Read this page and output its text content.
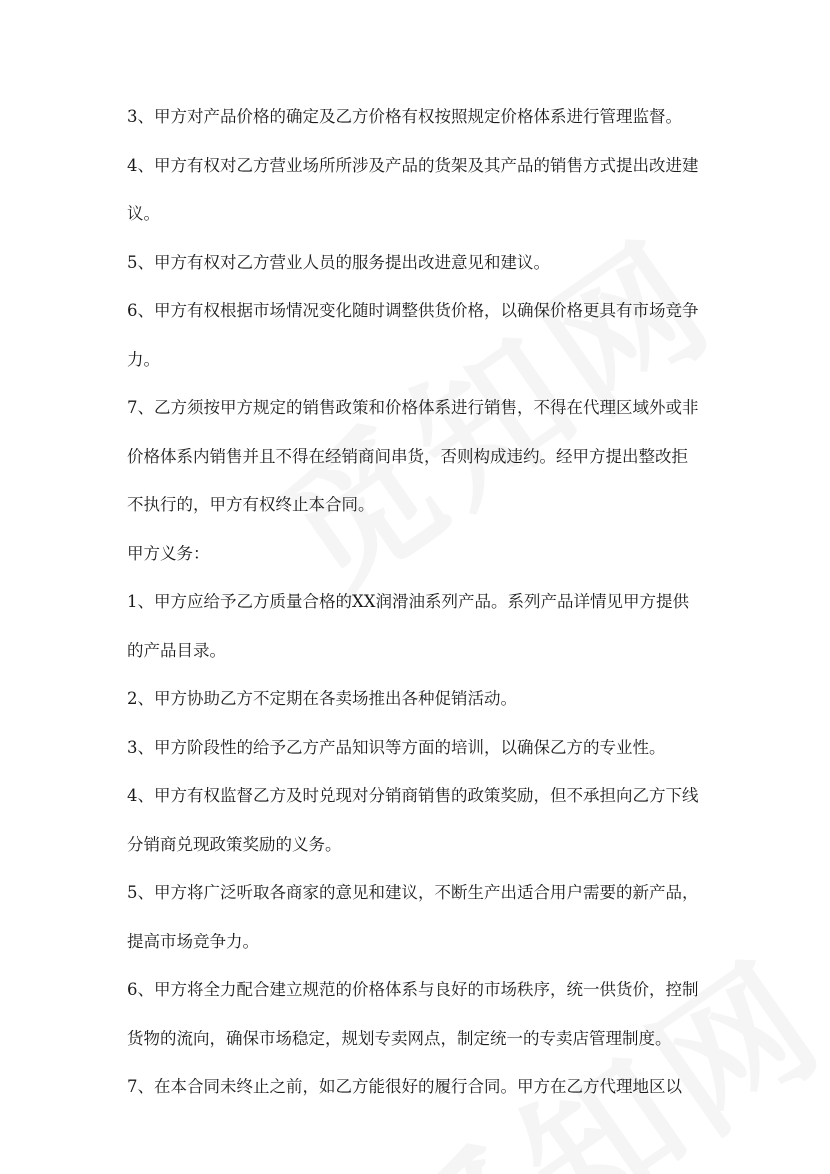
3、甲方对产品价格的确定及乙方价格有权按照规定价格体系进行管理监督。
4、甲方有权对乙方营业场所所涉及产品的货架及其产品的销售方式提出改进建
议。
5、甲方有权对乙方营业人员的服务提出改进意见和建议。
6、甲方有权根据市场情况变化随时调整供货价格，以确保价格更具有市场竞争
力。
7、乙方须按甲方规定的销售政策和价格体系进行销售，不得在代理区域外或非
价格体系内销售并且不得在经销商间串货，否则构成违约。经甲方提出整改拒
不执行的，甲方有权终止本合同。
甲方义务：
1、甲方应给予乙方质量合格的XX润滑油系列产品。系列产品详情见甲方提供
的产品目录。
2、甲方协助乙方不定期在各卖场推出各种促销活动。
3、甲方阶段性的给予乙方产品知识等方面的培训，以确保乙方的专业性。
4、甲方有权监督乙方及时兑现对分销商销售的政策奖励，但不承担向乙方下线
分销商兑现政策奖励的义务。
5、甲方将广泛听取各商家的意见和建议，不断生产出适合用户需要的新产品，
提高市场竞争力。
6、甲方将全力配合建立规范的价格体系与良好的市场秩序，统一供货价，控制
货物的流向，确保市场稳定，规划专卖网点，制定统一的专卖店管理制度。
7、在本合同未终止之前，如乙方能很好的履行合同。甲方在乙方代理地区以
